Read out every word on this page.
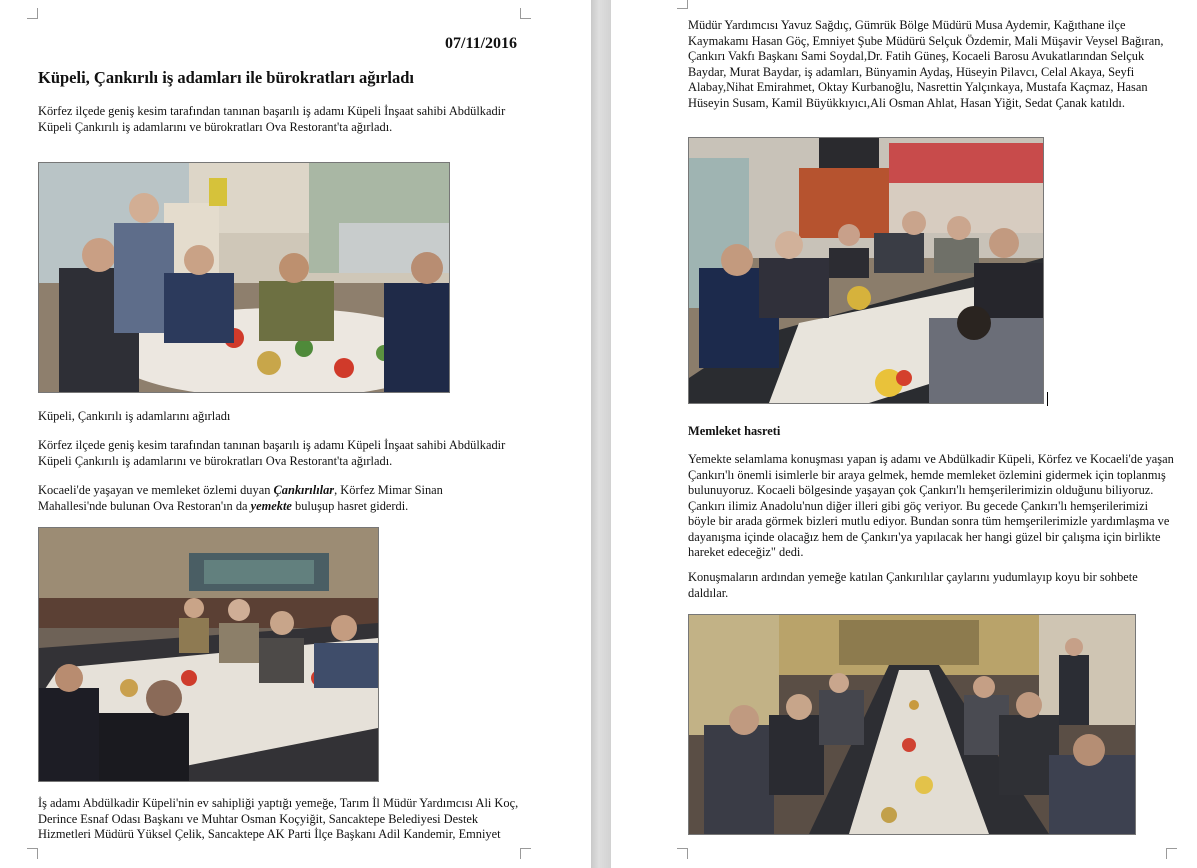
07/11/2016
Küpeli, Çankırılı iş adamları ile bürokratları ağırladı

Körfez ilçede geniş kesim tarafından tanınan başarılı iş adamı Küpeli İnşaat sahibi Abdülkadir Küpeli Çankırılı iş adamlarını ve bürokratları Ova Restorant'ta ağırladı.

Küpeli, Çankırılı iş adamlarını ağırladı

Körfez ilçede geniş kesim tarafından tanınan başarılı iş adamı Küpeli İnşaat sahibi Abdülkadir Küpeli Çankırılı iş adamlarını ve bürokratları Ova Restorant'ta ağırladı.

Kocaeli'de yaşayan ve memleket özlemi duyan Çankırılılar, Körfez Mimar Sinan Mahallesi'nde bulunan Ova Restoran'ın da yemekte buluşup hasret giderdi.

İş adamı Abdülkadir Küpeli'nin ev sahipliği yaptığı yemeğe, Tarım İl Müdür Yardımcısı Ali Koç, Derince Esnaf Odası Başkanı ve Muhtar Osman Koçyiğit, Sancaktepe Belediyesi Destek Hizmetleri Müdürü Yüksel Çelik, Sancaktepe AK Parti İlçe Başkanı Adil Kandemir, Emniyet

Müdür Yardımcısı Yavuz Sağdıç, Gümrük Bölge Müdürü Musa Aydemir, Kağıthane ilçe Kaymakamı Hasan Göç, Emniyet Şube Müdürü Selçuk Özdemir, Mali Müşavir Veysel Bağıran, Çankırı Vakfı Başkanı Sami Soydal,Dr. Fatih Güneş, Kocaeli Barosu Avukatlarından Selçuk Baydar, Murat Baydar, iş adamları, Bünyamin Aydaş, Hüseyin Pilavcı, Celal Akaya, Seyfi Alabay,Nihat Emirahmet, Oktay Kurbanoğlu, Nasrettin Yalçınkaya, Mustafa Kaçmaz, Hasan Hüseyin Susam, Kamil Büyükkıyıcı,Ali Osman Ahlat, Hasan Yiğit, Sedat Çanak katıldı.

Memleket hasreti

Yemekte selamlama konuşması yapan iş adamı ve Abdülkadir Küpeli, Körfez ve Kocaeli'de yaşan Çankırı'lı önemli isimlerle bir araya gelmek, hemde memleket özlemini gidermek için toplanmış bulunuyoruz. Kocaeli bölgesinde yaşayan çok Çankırı'lı hemşerilerimizin olduğunu biliyoruz. Çankırı ilimiz Anadolu'nun diğer illeri gibi göç veriyor. Bu gecede Çankırı'lı hemşerilerimizi böyle bir arada görmek bizleri mutlu ediyor. Bundan sonra tüm hemşerilerimizle yardımlaşma ve dayanışma içinde olacağız hem de Çankırı'ya yapılacak her hangi güzel bir çalışma için birlikte hareket edeceğiz" dedi.

Konuşmaların ardından yemeğe katılan Çankırılılar çaylarını yudumlayıp koyu bir sohbete daldılar.
